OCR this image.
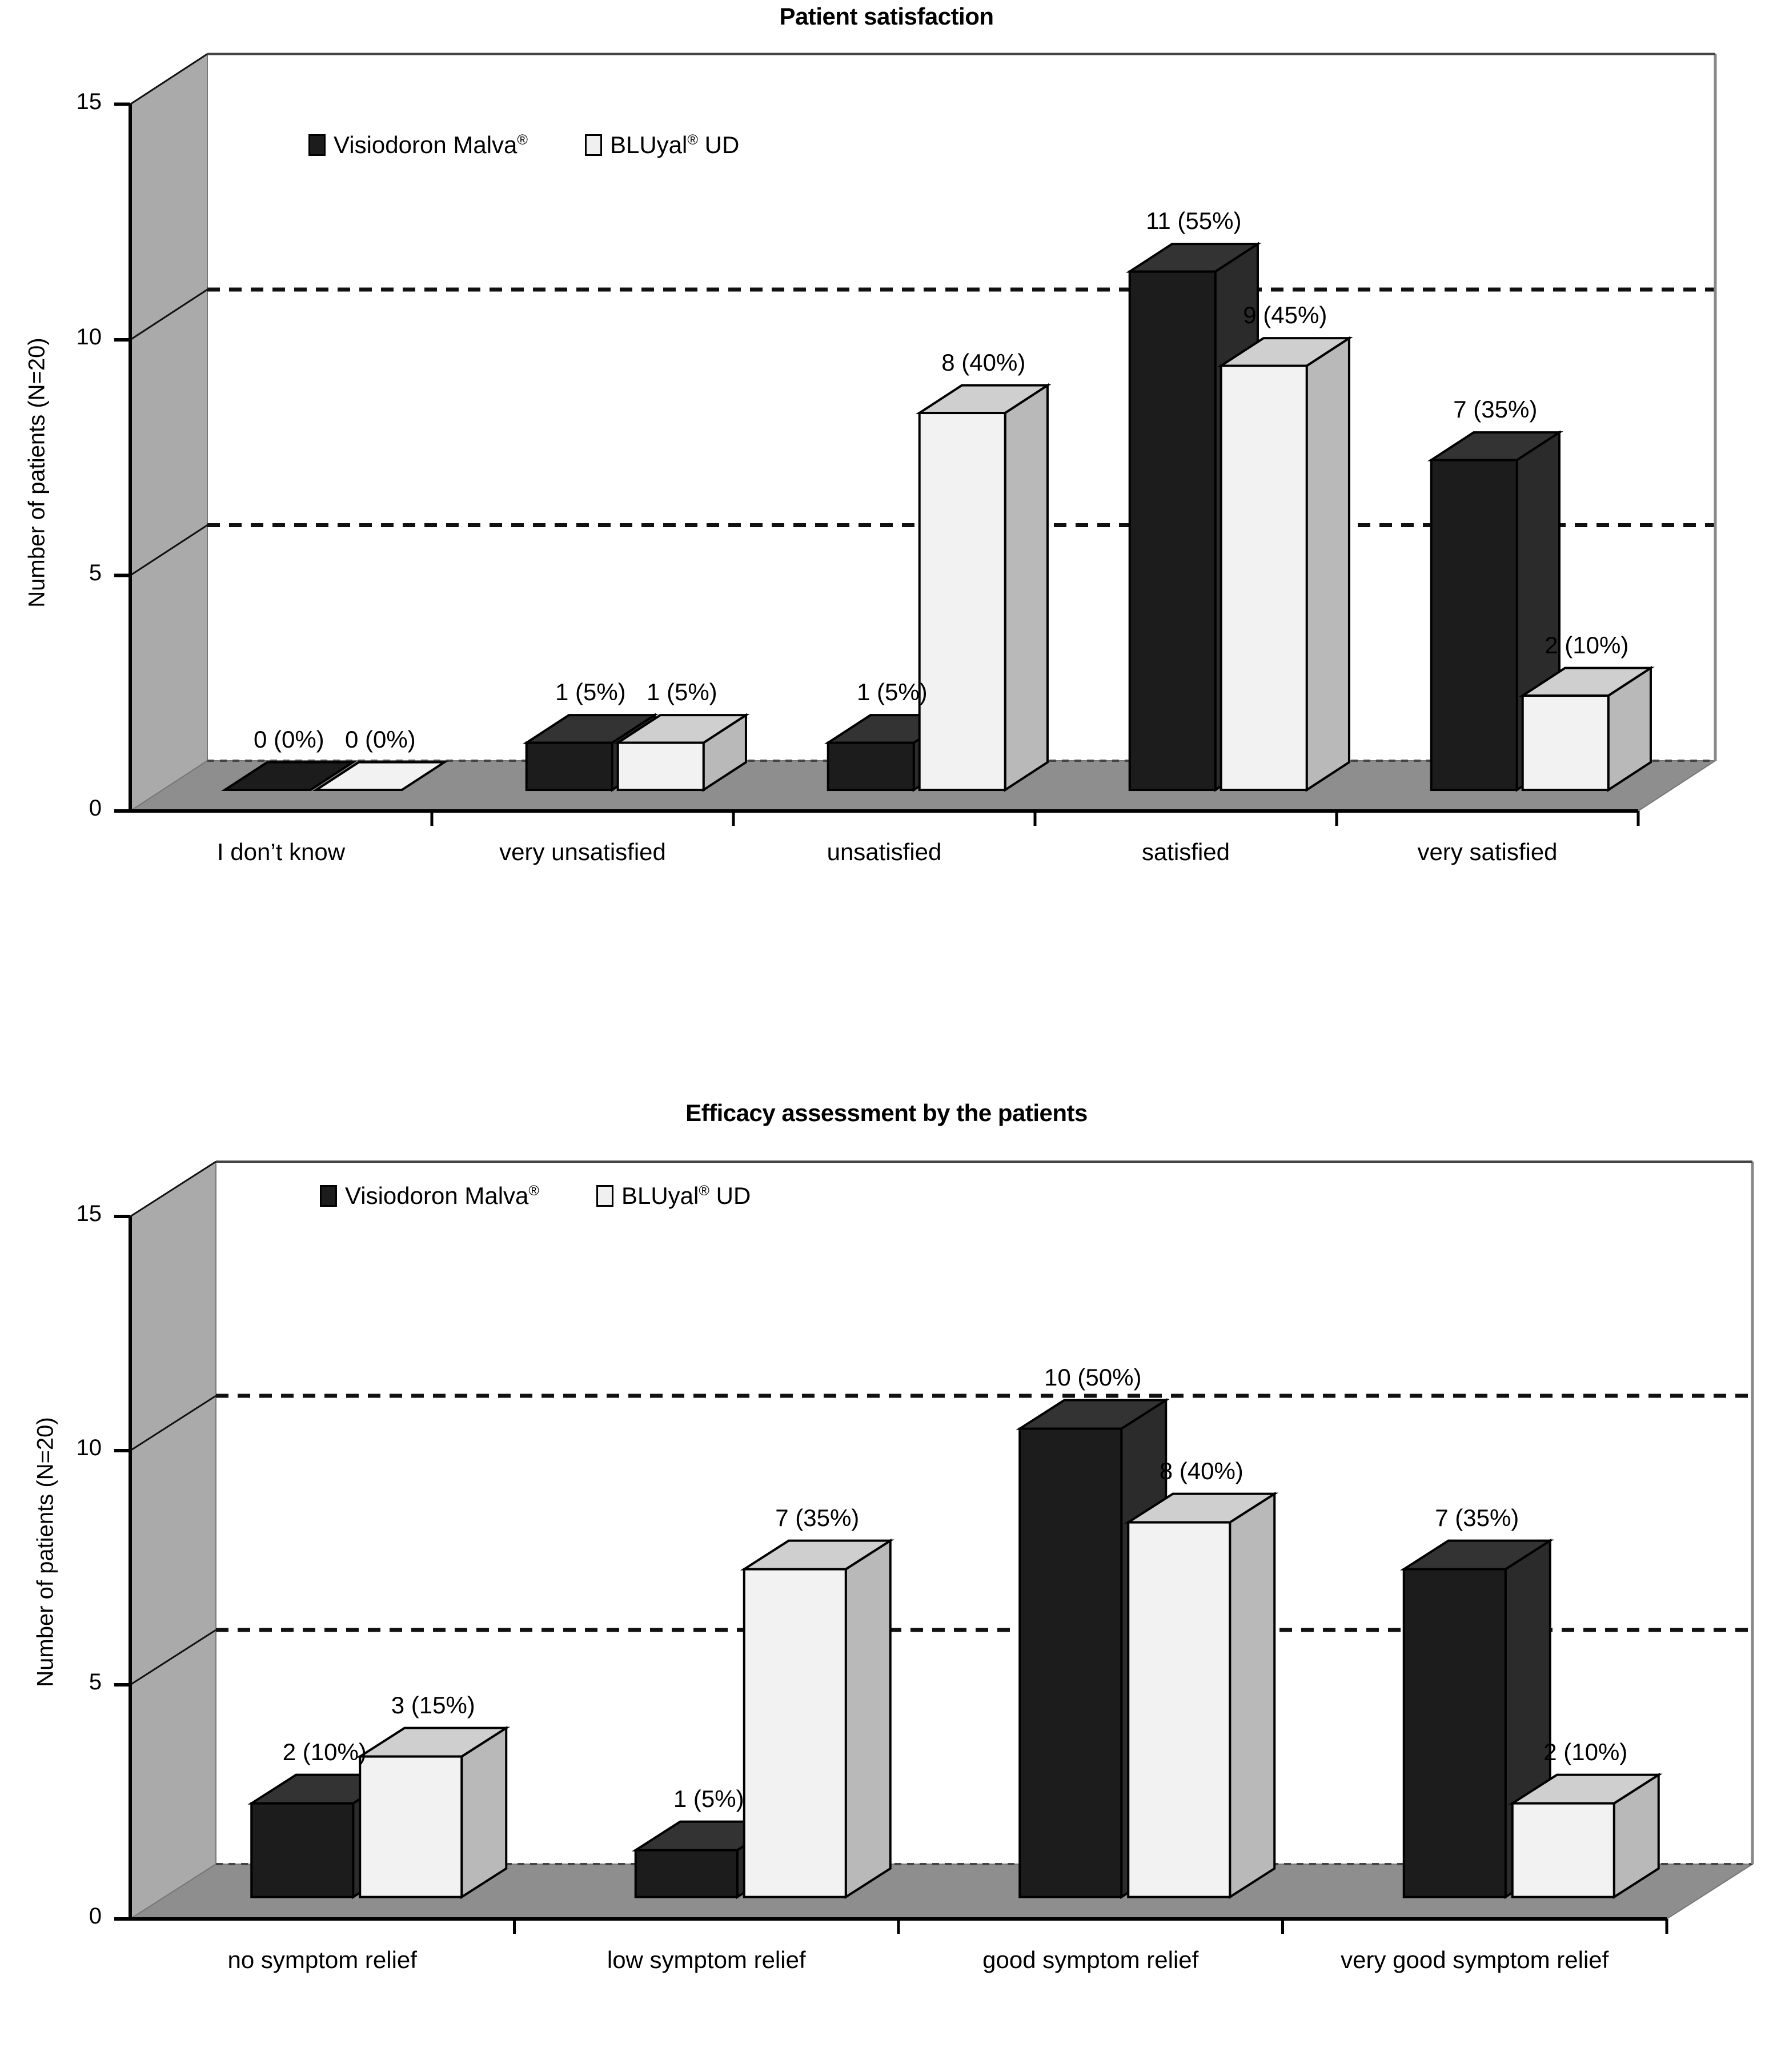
Patient satisfaction
Number of patients (N=20)
0
5
10
15
I don’t know	very unsatisfied	unsatisfied	satisfied	very satisfied
0 (0%) 0 (0%)
1 (5%) 1 (5%)	1 (5%)
8 (40%)
11 (55%)
9 (45%)
7 (35%)
2 (10%)
Visiodoron Malva®	BLUyal® UD
Efficacy assessment by the patients
Number of patients (N=20)
0
5
10
15
no symptom relief	low symptom relief	good symptom relief	very good symptom relief
2 (10%)
3 (15%)
1 (5%)
7 (35%)
10 (50%)
8 (40%)
7 (35%)
2 (10%)
Visiodoron Malva®	BLUyal® UD
